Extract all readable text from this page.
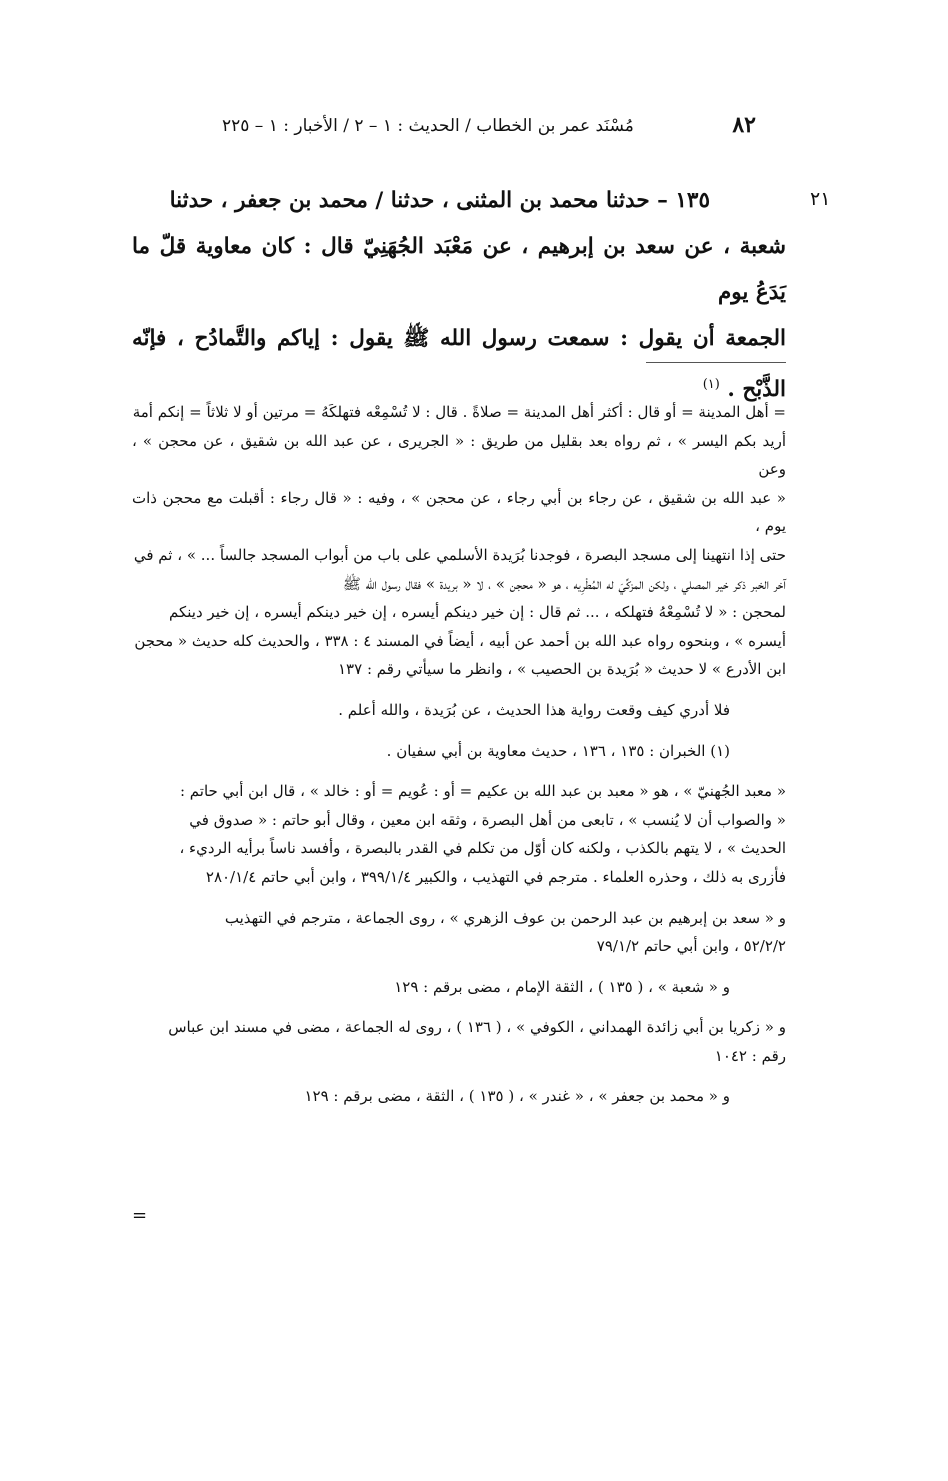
٨٢
مُسْنَد عمر بن الخطاب / الحديث : ١ – ٢ / الأخبار : ١ – ٢٢٥
٢١

١٣٥ – حدثنا محمد بن المثنى ، حدثنا / محمد بن جعفر ، حدثنا

شعبة ، عن سعد بن إبرهيم ، عن مَعْبَد الجُهَنِيّ قال : كان معاوية قلّ ما يَدَعُ يوم

الجمعة أن يقول : سمعت رسول الله ﷺ يقول : إياكم والتَّمادُح ، فإنّه الذَّبْح . $^{(١)}$

= أهل المدينة = أو قال : أكثر أهل المدينة = صلاةً . قال : لا تُسْمِعْه فتهلكَهُ = مرتين أو لا ثلاثاً = إنكم أمة

أريد بكم اليسر » ، ثم رواه بعد بقليل من طريق : « الجريرى ، عن عبد الله بن شقيق ، عن محجن » ، وعن

« عبد الله بن شقيق ، عن رجاء بن أبي رجاء ، عن محجن » ، وفيه : « قال رجاء : أقبلت مع محجن ذات يوم ،

حتى إذا انتهينا إلى مسجد البصرة ، فوجدنا بُرَيدة الأسلمي على باب من أبواب المسجد جالساً ... » ، ثم في

آخر الخبر ذكر خير المصلي ، ولكن المزكِّيَ له المُطْرِيه ، هو « محجن » ، لا « بريدة » فقال رسول الله ﷺ

لمحجن : « لا تُسْمِعْهُ فتهلكه ، ... ثم قال : إن خير دينكم أيسره ، إن خير دينكم أيسره ، إن خير دينكم

أيسره » ، وبنحوه رواه عبد الله بن أحمد عن أبيه ، أيضاً في المسند ٤ : ٣٣٨ ، والحديث كله حديث « محجن

ابن الأدرع » لا حديث « بُرَيدة بن الحصيب » ، وانظر ما سيأتي رقم : ١٣٧

فلا أدري كيف وقعت رواية هذا الحديث ، عن بُرَيدة ، والله أعلم .

(١) الخبران : ١٣٥ ، ١٣٦ ، حديث معاوية بن أبي سفيان .

« معبد الجُهنيّ » ، هو « معبد بن عبد الله بن عكيم = أو : عُويم = أو : خالد » ، قال ابن أبي حاتم :

« والصواب أن لا يُنسب » ، تابعى من أهل البصرة ، وثقه ابن معين ، وقال أبو حاتم : « صدوق في

الحديث » ، لا يتهم بالكذب ، ولكنه كان أوّل من تكلم في القدر بالبصرة ، وأفسد ناساً برأيه الرديء ،

فأزرى به ذلك ، وحذره العلماء . مترجم في التهذيب ، والكبير ٣٩٩/١/٤ ، وابن أبي حاتم ٢٨٠/١/٤

و « سعد بن إبرهيم بن عبد الرحمن بن عوف الزهري » ، روى الجماعة ، مترجم في التهذيب

٥٢/٢/٢ ، وابن أبي حاتم ٧٩/١/٢

و « شعبة » ، ( ١٣٥ ) ، الثقة الإمام ، مضى برقم : ١٢٩

و « زكريا بن أبي زائدة الهمداني ، الكوفي » ، ( ١٣٦ ) ، روى له الجماعة ، مضى في مسند ابن عباس

رقم : ١٠٤٢

و « محمد بن جعفر » ، « غندر » ، ( ١٣٥ ) ، الثقة ، مضى برقم : ١٢٩

=
